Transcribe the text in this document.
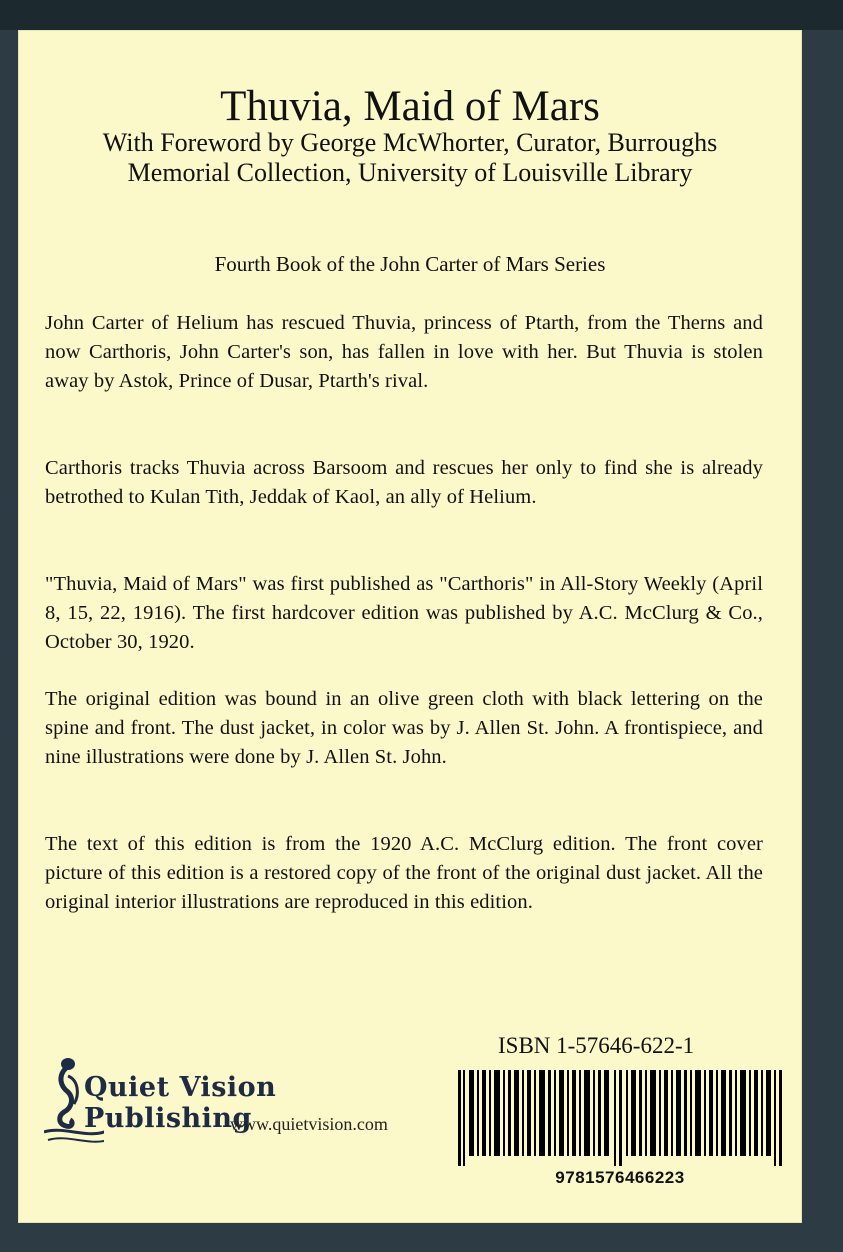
Thuvia, Maid of Mars
With Foreword by George McWhorter, Curator, Burroughs
Memorial Collection, University of Louisville Library
Fourth Book of the John Carter of Mars Series

John Carter of Helium has rescued Thuvia, princess of Ptarth, from the Therns and now Carthoris, John Carter's son, has fallen in love with her. But Thuvia is stolen away by Astok, Prince of Dusar, Ptarth's rival.

Carthoris tracks Thuvia across Barsoom and rescues her only to find she is already betrothed to Kulan Tith, Jeddak of Kaol, an ally of Helium.

"Thuvia, Maid of Mars" was first published as "Carthoris" in All-Story Weekly (April 8, 15, 22, 1916). The first hardcover edition was published by A.C. McClurg & Co., October 30, 1920.

The original edition was bound in an olive green cloth with black lettering on the spine and front. The dust jacket, in color was by J. Allen St. John. A frontispiece, and nine illustrations were done by J. Allen St. John.

The text of this edition is from the 1920 A.C. McClurg edition. The front cover picture of this edition is a restored copy of the front of the original dust jacket. All the original interior illustrations are reproduced in this edition.

ISBN 1-57646-622-1
Quiet Vision Publishing
www.quietvision.com
9781576466223
